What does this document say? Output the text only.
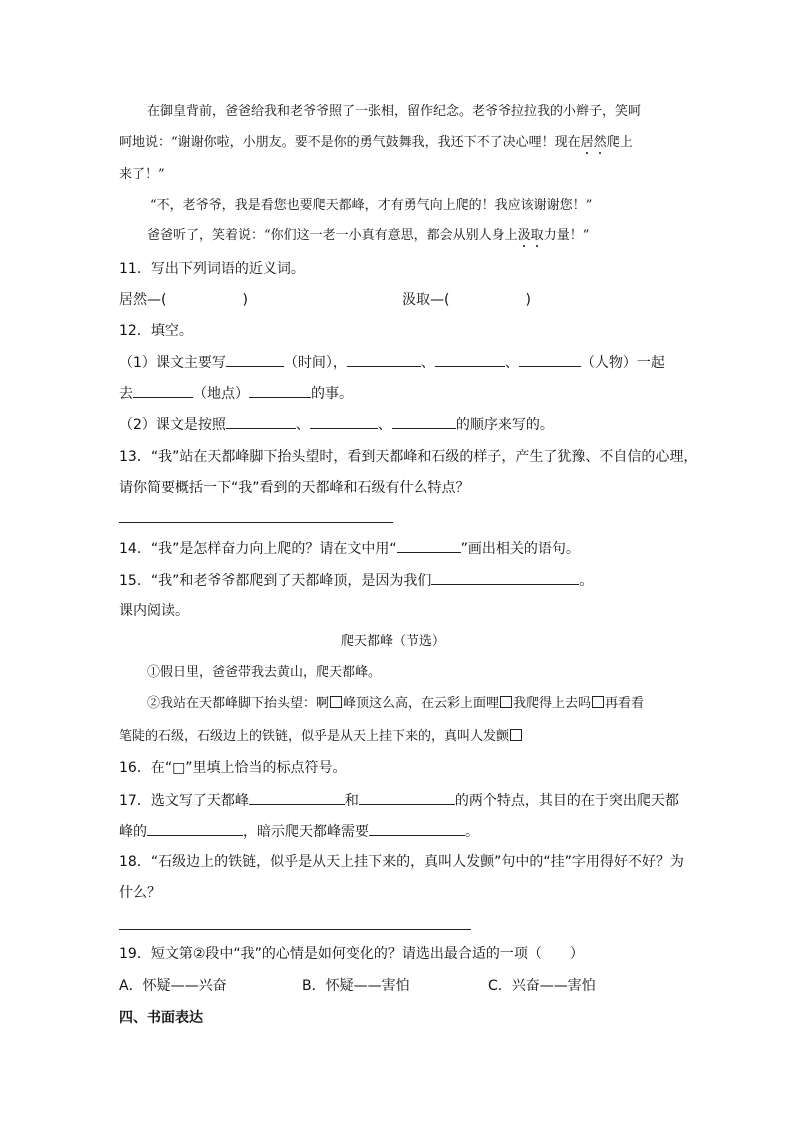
在御皇背前，爸爸给我和老爷爷照了一张相，留作纪念。老爷爷拉拉我的小辫子，笑呵
呵地说：“谢谢你啦，小朋友。要不是你的勇气鼓舞我，我还下不了决心哩！现在居然爬上
来了！”
“不，老爷爷，我是看您也要爬天都峰，才有勇气向上爬的！我应该谢谢您！”
爸爸听了，笑着说：“你们这一老一小真有意思，都会从别人身上汲取力量！”
11．写出下列词语的近义词。
居然—(	)	汲取—(	)
12．填空。
（1）课文主要写	（时间），	、	、	（人物）一起
去	（地点）	的事。
（2）课文是按照	、	、	的顺序来写的。
13．“我”站在天都峰脚下抬头望时，看到天都峰和石级的样子，产生了犹豫、不自信的心理，
请你简要概括一下“我”看到的天都峰和石级有什么特点？
14．“我”是怎样奋力向上爬的？请在文中用“	”画出相关的语句。
15．“我”和老爷爷都爬到了天都峰顶，是因为我们	。
课内阅读。
爬天都峰（节选）
①假日里，爸爸带我去黄山，爬天都峰。
②我站在天都峰脚下抬头望：啊 峰顶这么高，在云彩上面哩 我爬得上去吗 再看看
笔陡的石级，石级边上的铁链，似乎是从天上挂下来的，真叫人发颤
16．在“□”里填上恰当的标点符号。
17．选文写了天都峰	和	的两个特点，其目的在于突出爬天都
峰的	，暗示爬天都峰需要	。
18．“石级边上的铁链，似乎是从天上挂下来的，真叫人发颤”句中的“挂”字用得好不好？为
什么？
19．短文第②段中“我”的心情是如何变化的？请选出最合适的一项（　　）
A．怀疑——兴奋	B．怀疑——害怕	C．兴奋——害怕
四、书面表达
